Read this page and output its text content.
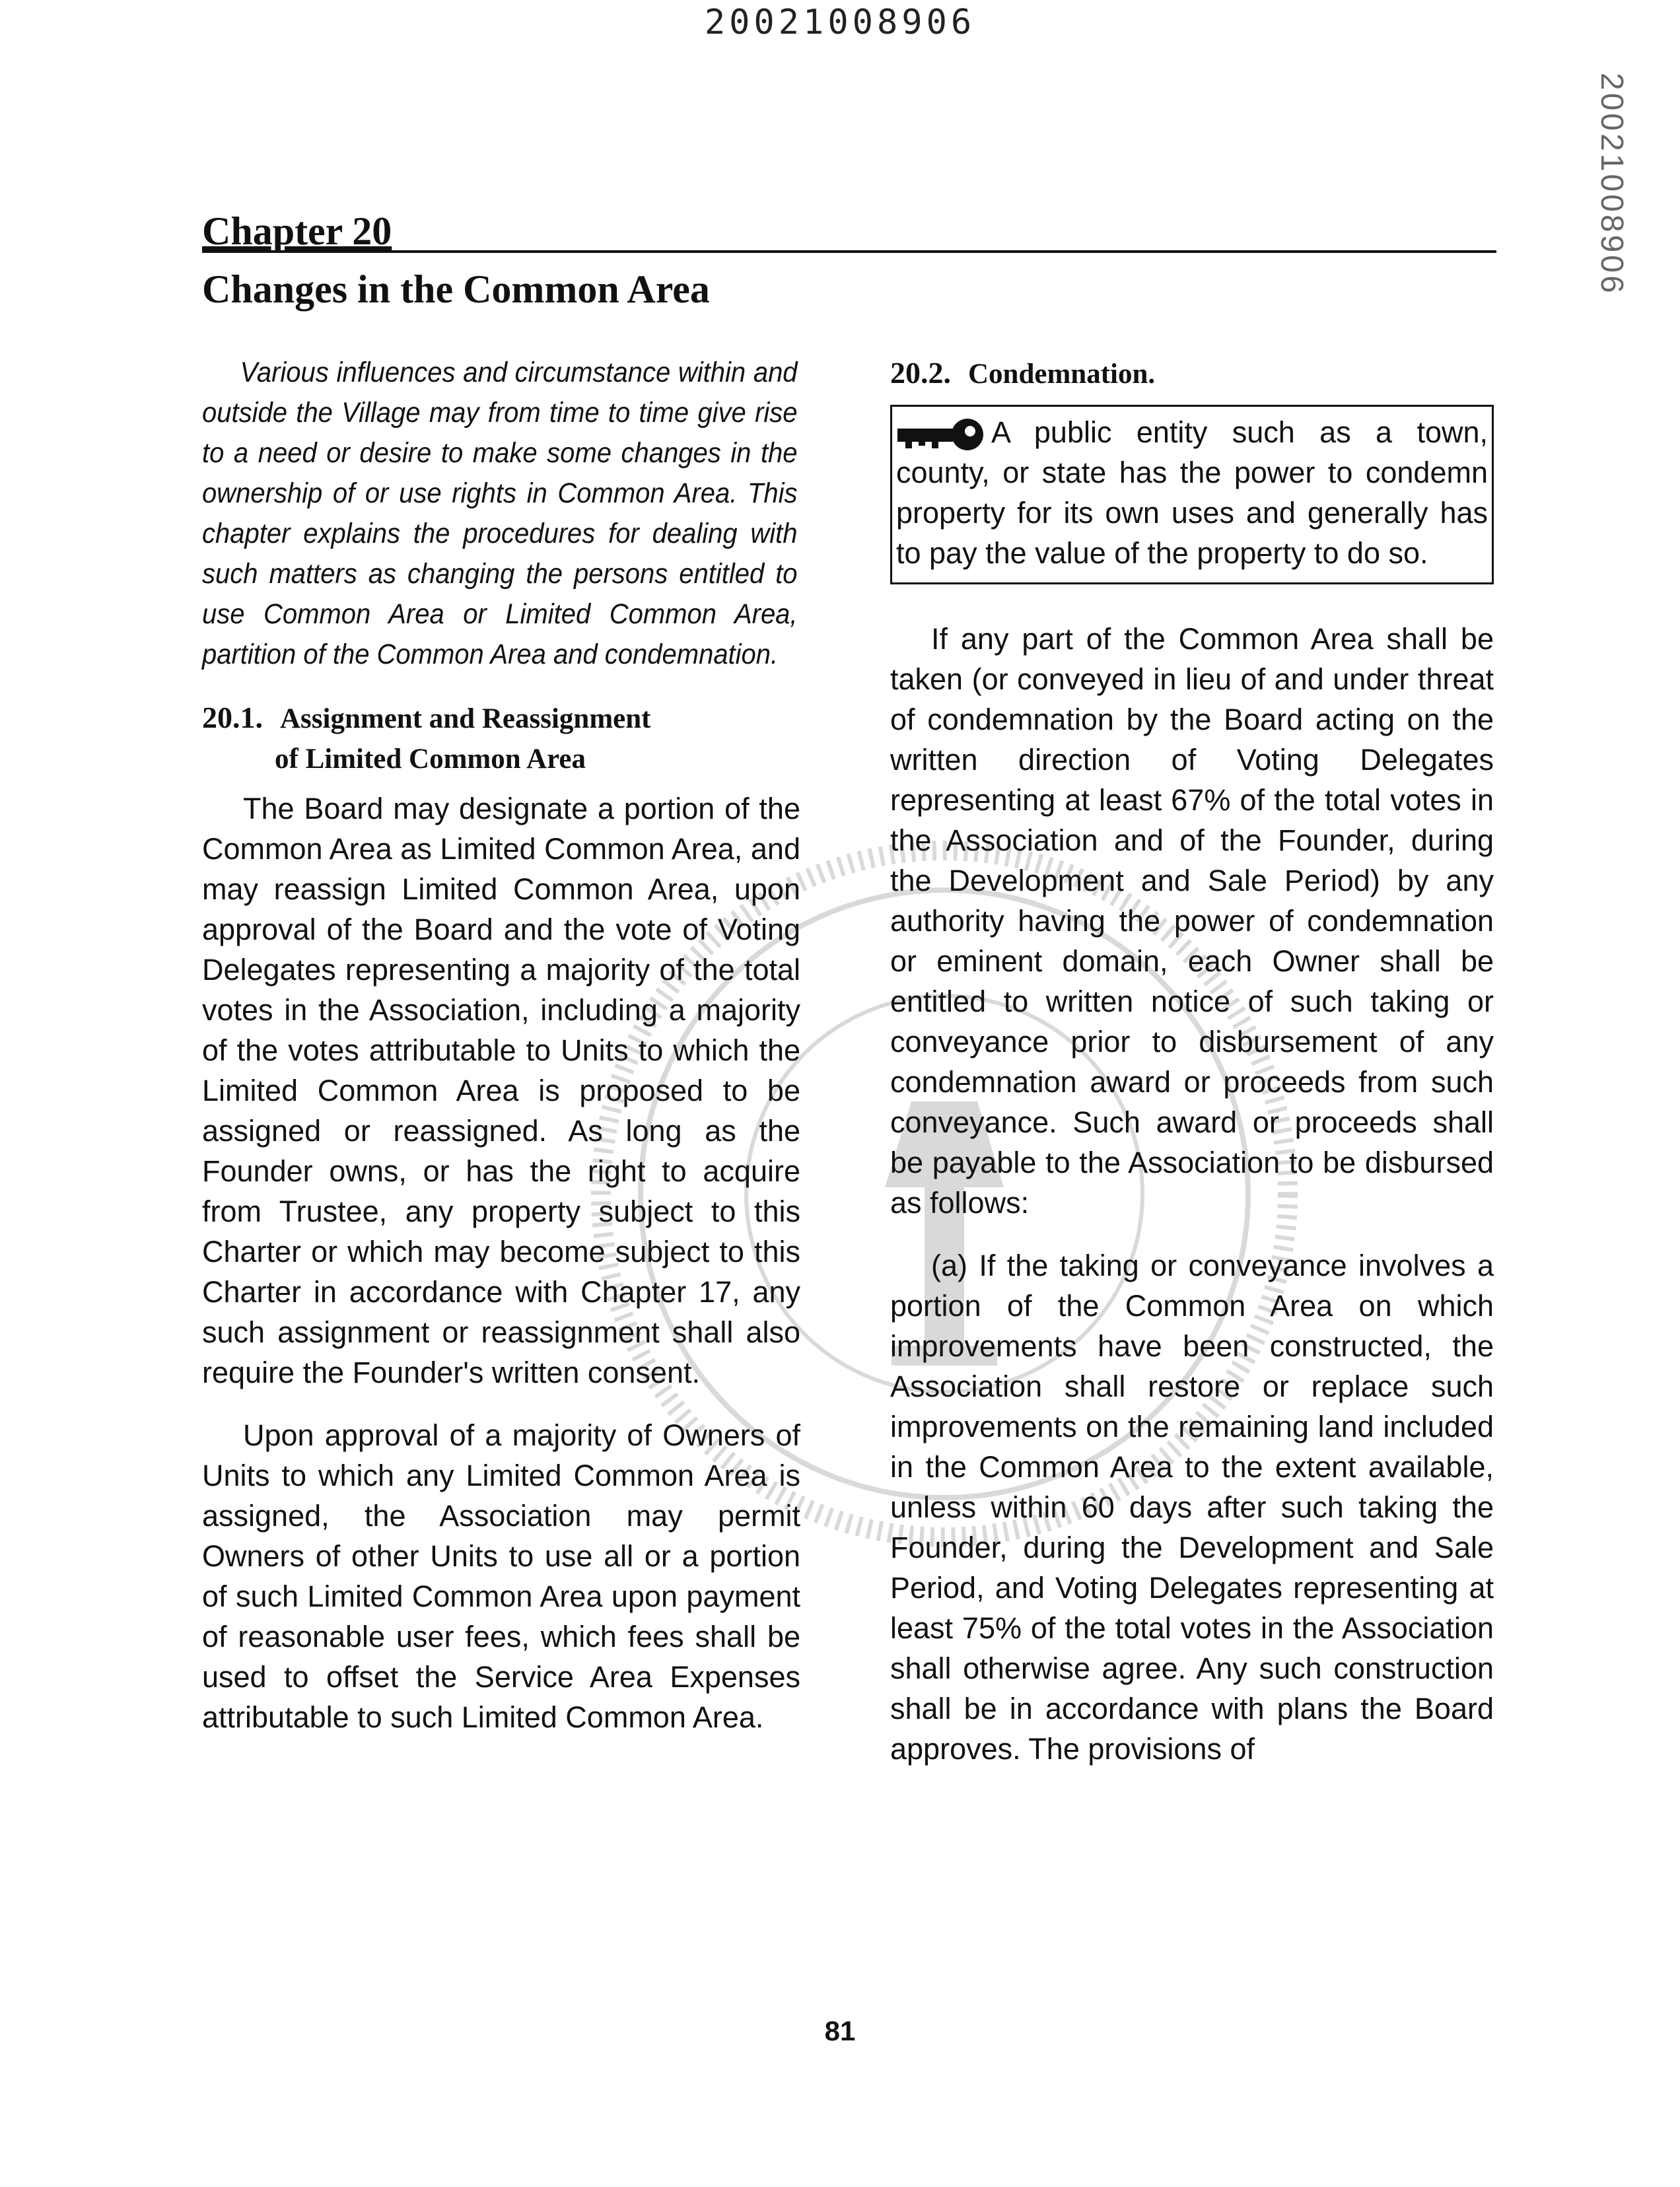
20021008906
20021008906
Chapter 20
Changes in the Common Area

Various influences and circumstance within and outside the Village may from time to time give rise to a need or desire to make some changes in the ownership of or use rights in Common Area. This chapter explains the procedures for dealing with such matters as changing the persons entitled to use Common Area or Limited Common Area, partition of the Common Area and condemnation.

20.1. Assignment and Reassignment
of Limited Common Area

The Board may designate a portion of the Common Area as Limited Common Area, and may reassign Limited Common Area, upon approval of the Board and the vote of Voting Delegates representing a majority of the total votes in the Association, including a majority of the votes attributable to Units to which the Limited Common Area is proposed to be assigned or reassigned. As long as the Founder owns, or has the right to acquire from Trustee, any property subject to this Charter or which may become subject to this Charter in accordance with Chapter 17, any such assignment or reassignment shall also require the Founder's written consent.

Upon approval of a majority of Owners of Units to which any Limited Common Area is assigned, the Association may permit Owners of other Units to use all or a portion of such Limited Common Area upon payment of reasonable user fees, which fees shall be used to offset the Service Area Expenses attributable to such Limited Common Area.

20.2. Condemnation.

A public entity such as a town, county, or state has the power to condemn property for its own uses and generally has to pay the value of the property to do so.

If any part of the Common Area shall be taken (or conveyed in lieu of and under threat of condemnation by the Board acting on the written direction of Voting Delegates representing at least 67% of the total votes in the Association and of the Founder, during the Development and Sale Period) by any authority having the power of condemnation or eminent domain, each Owner shall be entitled to written notice of such taking or conveyance prior to disbursement of any condemnation award or proceeds from such conveyance. Such award or proceeds shall be payable to the Association to be disbursed as follows:

(a) If the taking or conveyance involves a portion of the Common Area on which improvements have been constructed, the Association shall restore or replace such improvements on the remaining land included in the Common Area to the extent available, unless within 60 days after such taking the Founder, during the Development and Sale Period, and Voting Delegates representing at least 75% of the total votes in the Association shall otherwise agree. Any such construction shall be in accordance with plans the Board approves. The provisions of

81
